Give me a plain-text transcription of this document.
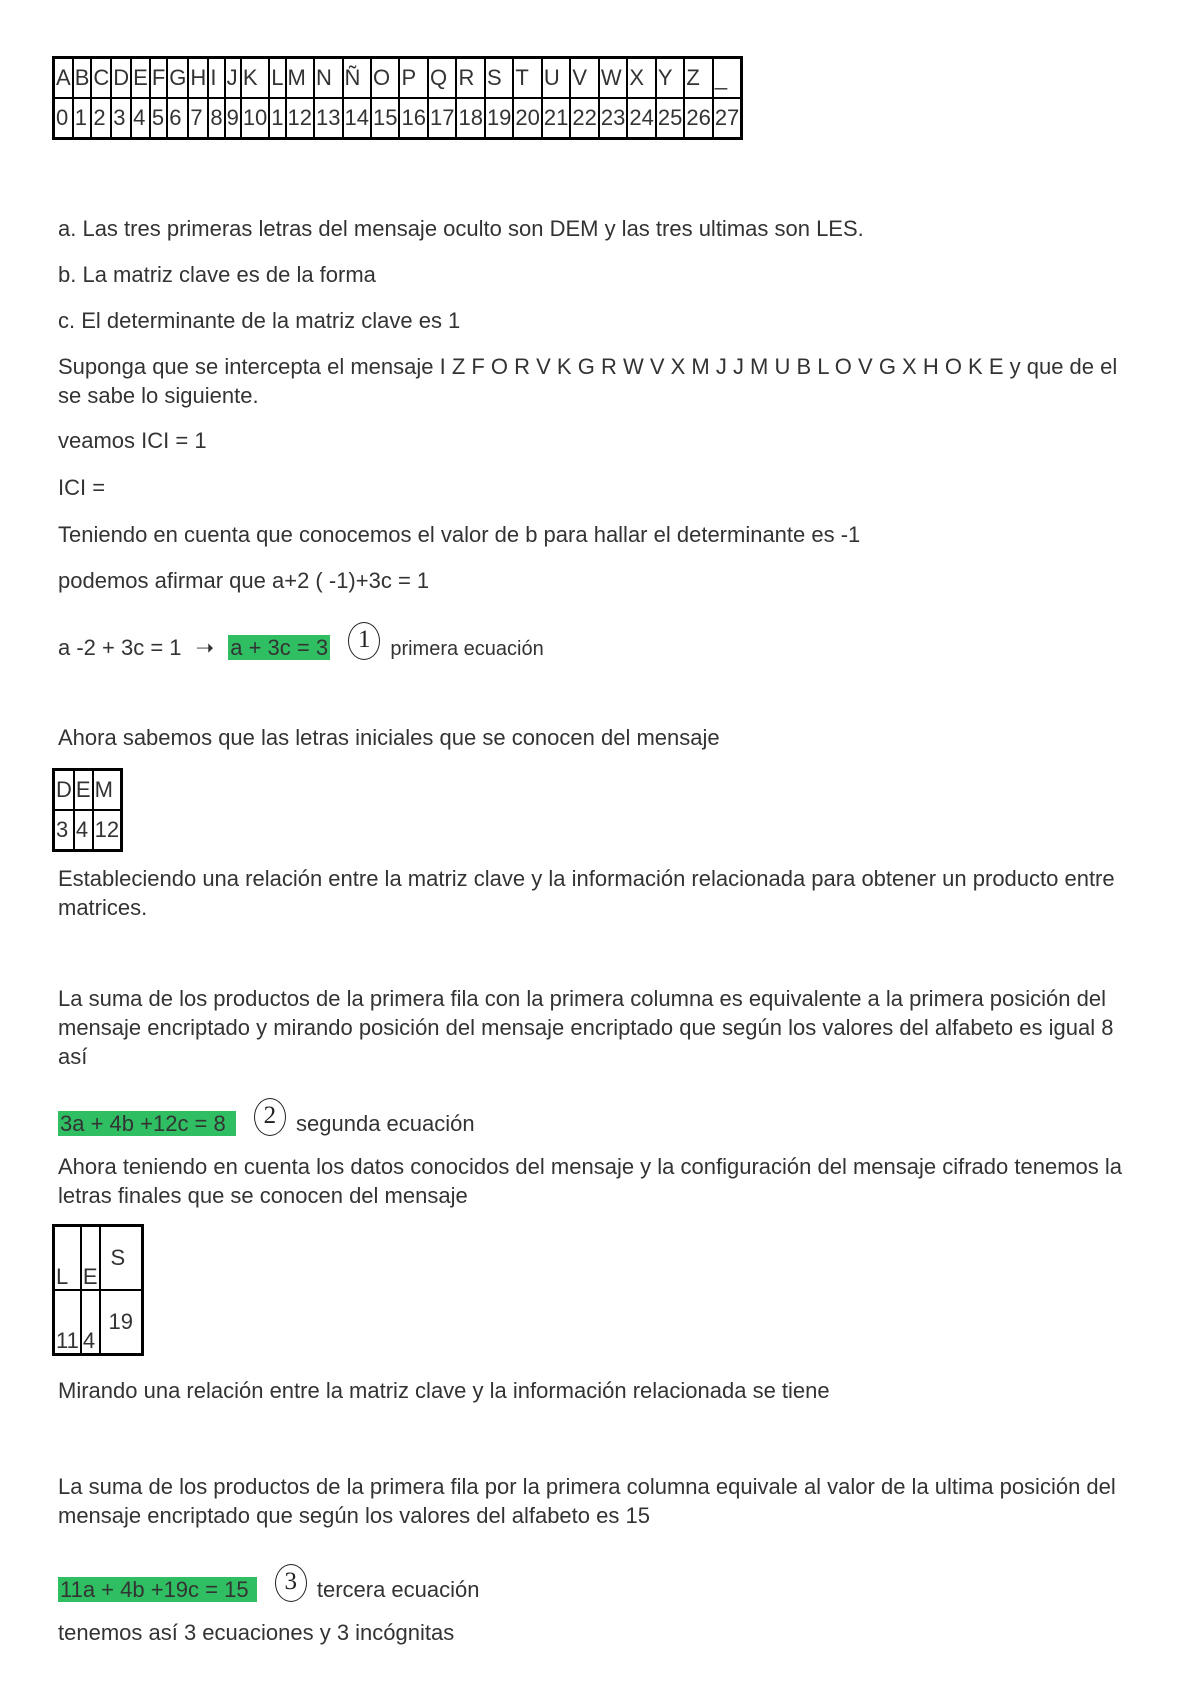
A	B	C	D	E	F	G	H	I	J	K	L	M	N	Ñ	O	P	Q	R	S	T	U	V	W	X	Y	Z	_
0	1	2	3	4	5	6	7	8	9	10	1	12	13	14	15	16	17	18	19	20	21	22	23	24	25	26	27
a. Las tres primeras letras del mensaje oculto son DEM y las tres ultimas son LES.
b. La matriz clave es de la forma
c. El determinante de la matriz clave es 1
Suponga que se intercepta el mensaje I Z F O R V K G R W V X M J J M U B L O V G X H O K E y que de el se sabe lo siguiente.
veamos ICI = 1
ICI =
Teniendo en cuenta que conocemos el valor de b para hallar el determinante es -1
podemos afirmar que a+2 ( -1)+3c = 1
a -2 + 3c = 1 ➝ a + 3c = 3 1 primera ecuación
Ahora sabemos que las letras iniciales que se conocen del mensaje
D	E	M
3	4	12
Estableciendo una relación entre la matriz clave y la información relacionada para obtener un producto entre matrices.
La suma de los productos de la primera fila con la primera columna es equivalente a la primera posición del mensaje encriptado y mirando posición del mensaje encriptado que según los valores del alfabeto es igual 8 así
3a + 4b +12c = 8 2 segunda ecuación
Ahora teniendo en cuenta los datos conocidos del mensaje y la configuración del mensaje cifrado tenemos la letras finales que se conocen del mensaje
L	E	S
11	4	19
Mirando una relación entre la matriz clave y la información relacionada se tiene
La suma de los productos de la primera fila por la primera columna equivale al valor de la ultima posición del mensaje encriptado que según los valores del alfabeto es 15
11a + 4b +19c = 15 3 tercera ecuación
tenemos así 3 ecuaciones y 3 incógnitas
